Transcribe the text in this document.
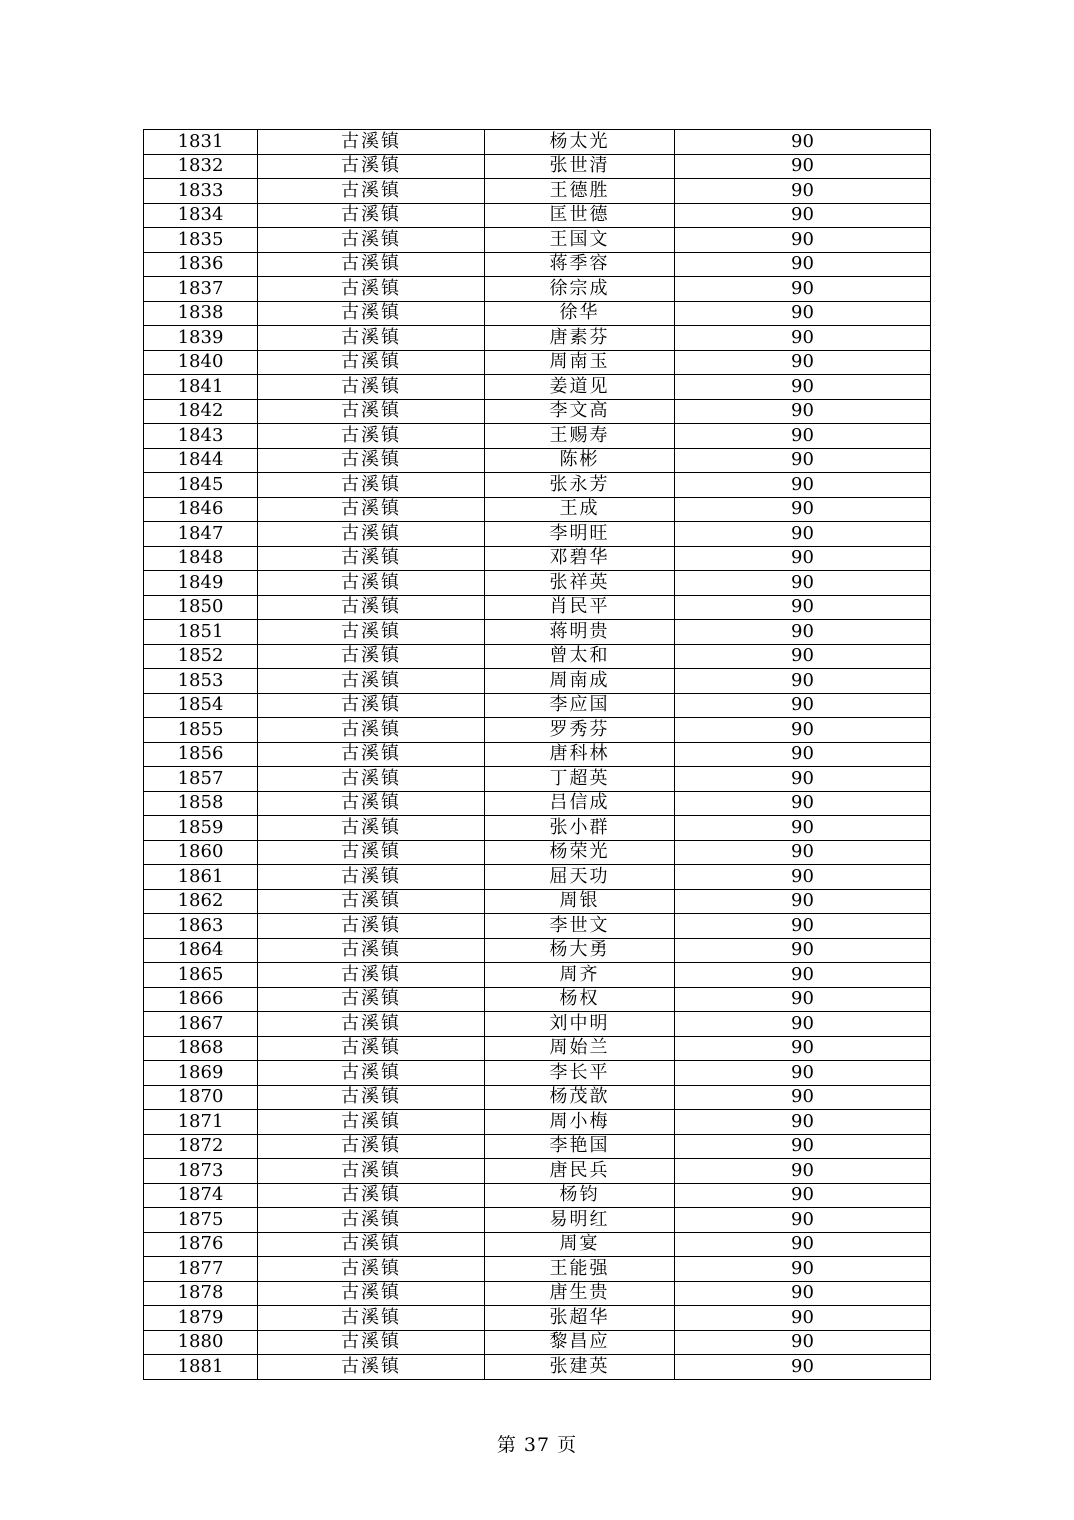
1831	古溪镇	杨太光	90
1832	古溪镇	张世清	90
1833	古溪镇	王德胜	90
1834	古溪镇	匡世德	90
1835	古溪镇	王国文	90
1836	古溪镇	蒋季容	90
1837	古溪镇	徐宗成	90
1838	古溪镇	徐华	90
1839	古溪镇	唐素芬	90
1840	古溪镇	周南玉	90
1841	古溪镇	姜道见	90
1842	古溪镇	李文高	90
1843	古溪镇	王赐寿	90
1844	古溪镇	陈彬	90
1845	古溪镇	张永芳	90
1846	古溪镇	王成	90
1847	古溪镇	李明旺	90
1848	古溪镇	邓碧华	90
1849	古溪镇	张祥英	90
1850	古溪镇	肖民平	90
1851	古溪镇	蒋明贵	90
1852	古溪镇	曾太和	90
1853	古溪镇	周南成	90
1854	古溪镇	李应国	90
1855	古溪镇	罗秀芬	90
1856	古溪镇	唐科林	90
1857	古溪镇	丁超英	90
1858	古溪镇	吕信成	90
1859	古溪镇	张小群	90
1860	古溪镇	杨荣光	90
1861	古溪镇	屈天功	90
1862	古溪镇	周银	90
1863	古溪镇	李世文	90
1864	古溪镇	杨大勇	90
1865	古溪镇	周齐	90
1866	古溪镇	杨权	90
1867	古溪镇	刘中明	90
1868	古溪镇	周始兰	90
1869	古溪镇	李长平	90
1870	古溪镇	杨茂歆	90
1871	古溪镇	周小梅	90
1872	古溪镇	李艳国	90
1873	古溪镇	唐民兵	90
1874	古溪镇	杨钧	90
1875	古溪镇	易明红	90
1876	古溪镇	周宴	90
1877	古溪镇	王能强	90
1878	古溪镇	唐生贵	90
1879	古溪镇	张超华	90
1880	古溪镇	黎昌应	90
1881	古溪镇	张建英	90
第 37 页
